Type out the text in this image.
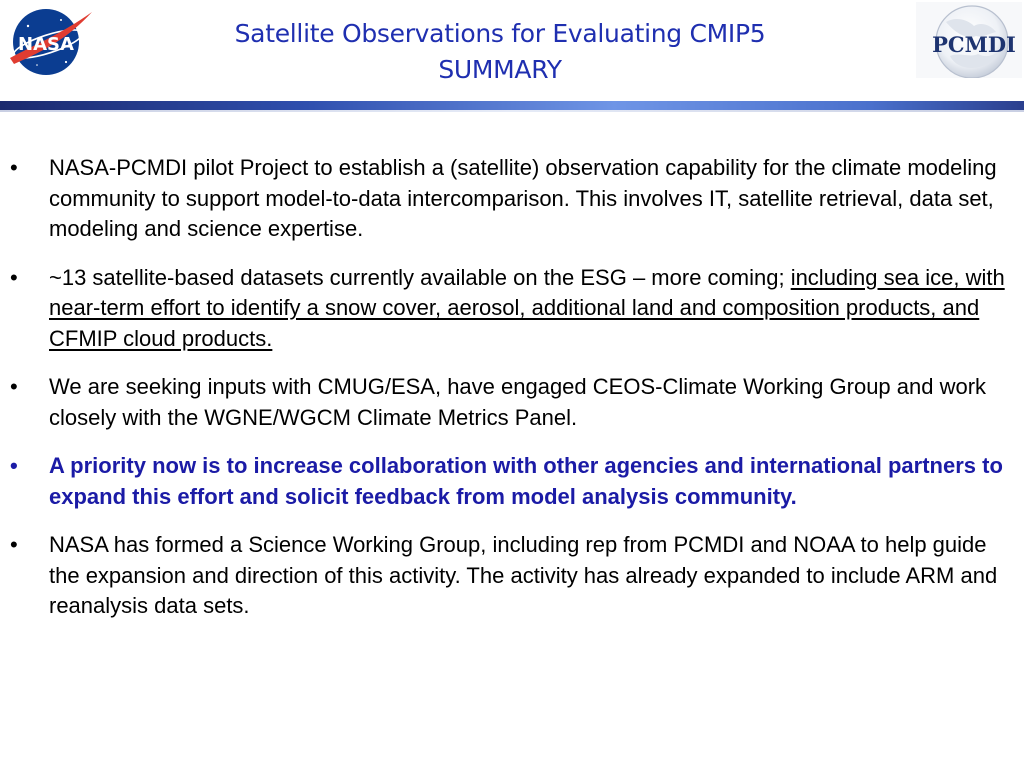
NASA	Satellite Observations for Evaluating CMIP5
SUMMARY
PCMDI
• NASA-PCMDI pilot Project to establish a (satellite) observation capability for the climate modeling community to support model-to-data intercomparison. This involves IT, satellite retrieval, data set, modeling and science expertise.
• ~13 satellite-based datasets currently available on the ESG – more coming; including sea ice, with near-term effort to identify a snow cover, aerosol, additional land and composition products, and CFMIP cloud products.
• We are seeking inputs with CMUG/ESA, have engaged CEOS-Climate Working Group and work closely with the WGNE/WGCM Climate Metrics Panel.
• A priority now is to increase collaboration with other agencies and international partners to expand this effort and solicit feedback from model analysis community.
• NASA has formed a Science Working Group, including rep from PCMDI and NOAA to help guide the expansion and direction of this activity. The activity has already expanded to include ARM and reanalysis data sets.
